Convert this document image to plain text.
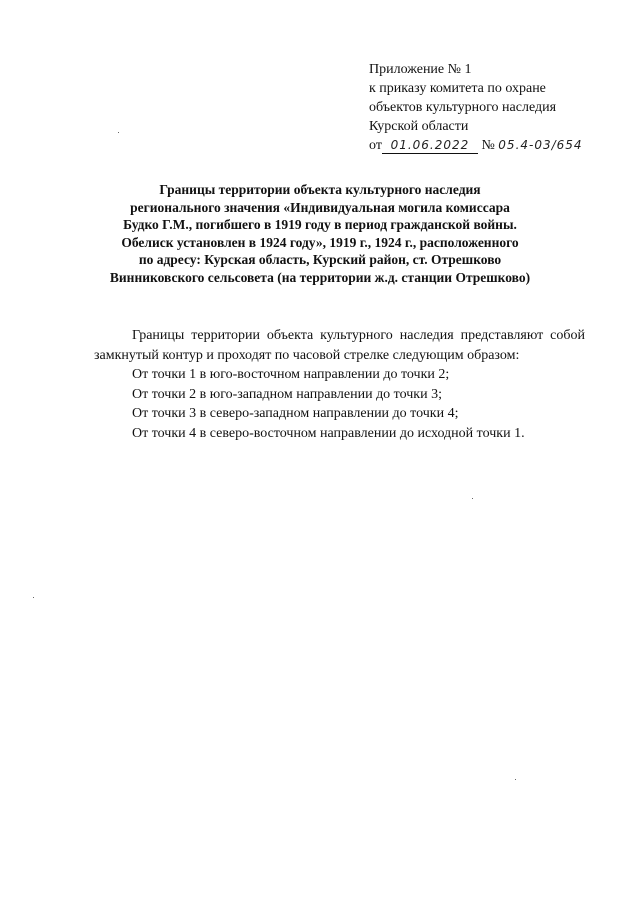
Приложение № 1
к приказу комитета по охране
объектов культурного наследия
Курской области
от 01.06.2022 № 05.4-03/654
Границы территории объекта культурного наследия
регионального значения «Индивидуальная могила комиссара
Будко Г.М., погибшего в 1919 году в период гражданской войны.
Обелиск установлен в 1924 году», 1919 г., 1924 г., расположенного
по адресу: Курская область, Курский район, ст. Отрешково
Винниковского сельсовета (на территории ж.д. станции Отрешково)

Границы территории объекта культурного наследия представляют собой замкнутый контур и проходят по часовой стрелке следующим образом:

От точки 1 в юго-восточном направлении до точки 2;
От точки 2 в юго-западном направлении до точки 3;
От точки 3 в северо-западном направлении до точки 4;
От точки 4 в северо-восточном направлении до исходной точки 1.
